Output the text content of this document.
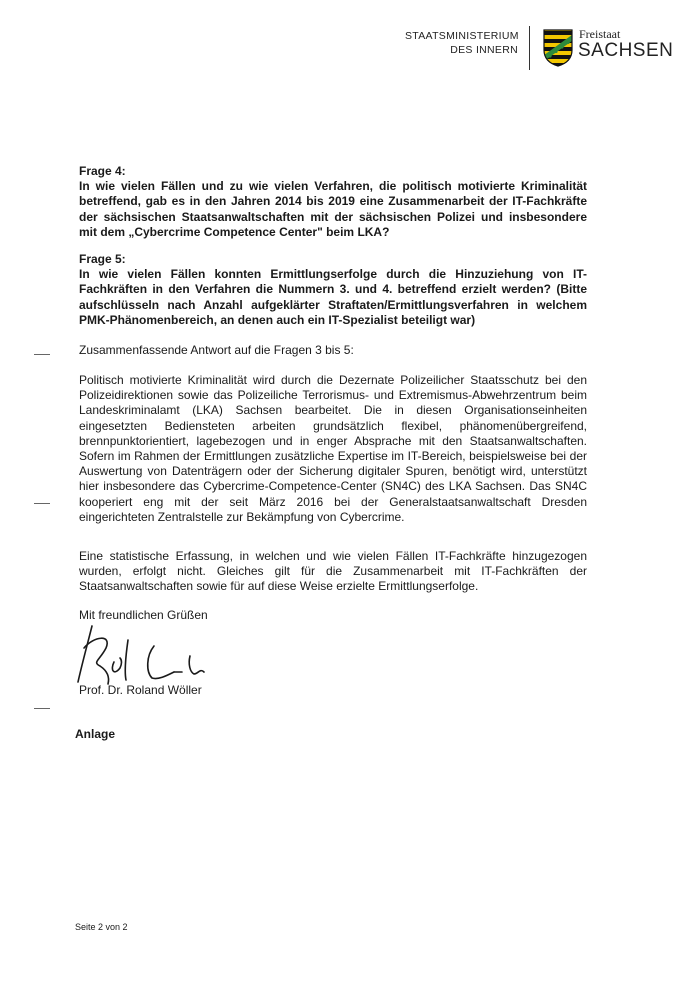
STAATSMINISTERIUM
DES INNERN
Freistaat
SACHSEN

Frage 4:

In wie vielen Fällen und zu wie vielen Verfahren, die politisch motivierte Kriminalität betreffend, gab es in den Jahren 2014 bis 2019 eine Zusammenarbeit der IT-Fachkräfte der sächsischen Staatsanwaltschaften mit der sächsischen Polizei und insbesondere mit dem „Cybercrime Competence Center" beim LKA?

Frage 5:

In wie vielen Fällen konnten Ermittlungserfolge durch die Hinzuziehung von IT-Fachkräften in den Verfahren die Nummern 3. und 4. betreffend erzielt werden? (Bitte aufschlüsseln nach Anzahl aufgeklärter Straftaten/Ermittlungsverfahren in welchem PMK-Phänomenbereich, an denen auch ein IT-Spezialist beteiligt war)

Zusammenfassende Antwort auf die Fragen 3 bis 5:

Politisch motivierte Kriminalität wird durch die Dezernate Polizeilicher Staatsschutz bei den Polizeidirektionen sowie das Polizeiliche Terrorismus- und Extremismus-Abwehrzentrum beim Landeskriminalamt (LKA) Sachsen bearbeitet. Die in diesen Organisationseinheiten eingesetzten Bediensteten arbeiten grundsätzlich flexibel, phänomenübergreifend, brennpunktorientiert, lagebezogen und in enger Absprache mit den Staatsanwaltschaften. Sofern im Rahmen der Ermittlungen zusätzliche Expertise im IT-Bereich, beispielsweise bei der Auswertung von Datenträgern oder der Sicherung digitaler Spuren, benötigt wird, unterstützt hier insbesondere das Cybercrime-Competence-Center (SN4C) des LKA Sachsen. Das SN4C kooperiert eng mit der seit März 2016 bei der Generalstaatsanwaltschaft Dresden eingerichteten Zentralstelle zur Bekämpfung von Cybercrime.

Eine statistische Erfassung, in welchen und wie vielen Fällen IT-Fachkräfte hinzugezogen wurden, erfolgt nicht. Gleiches gilt für die Zusammenarbeit mit IT-Fachkräften der Staatsanwaltschaften sowie für auf diese Weise erzielte Ermittlungserfolge.

Mit freundlichen Grüßen

Prof. Dr. Roland Wöller

Anlage

Seite 2 von 2
